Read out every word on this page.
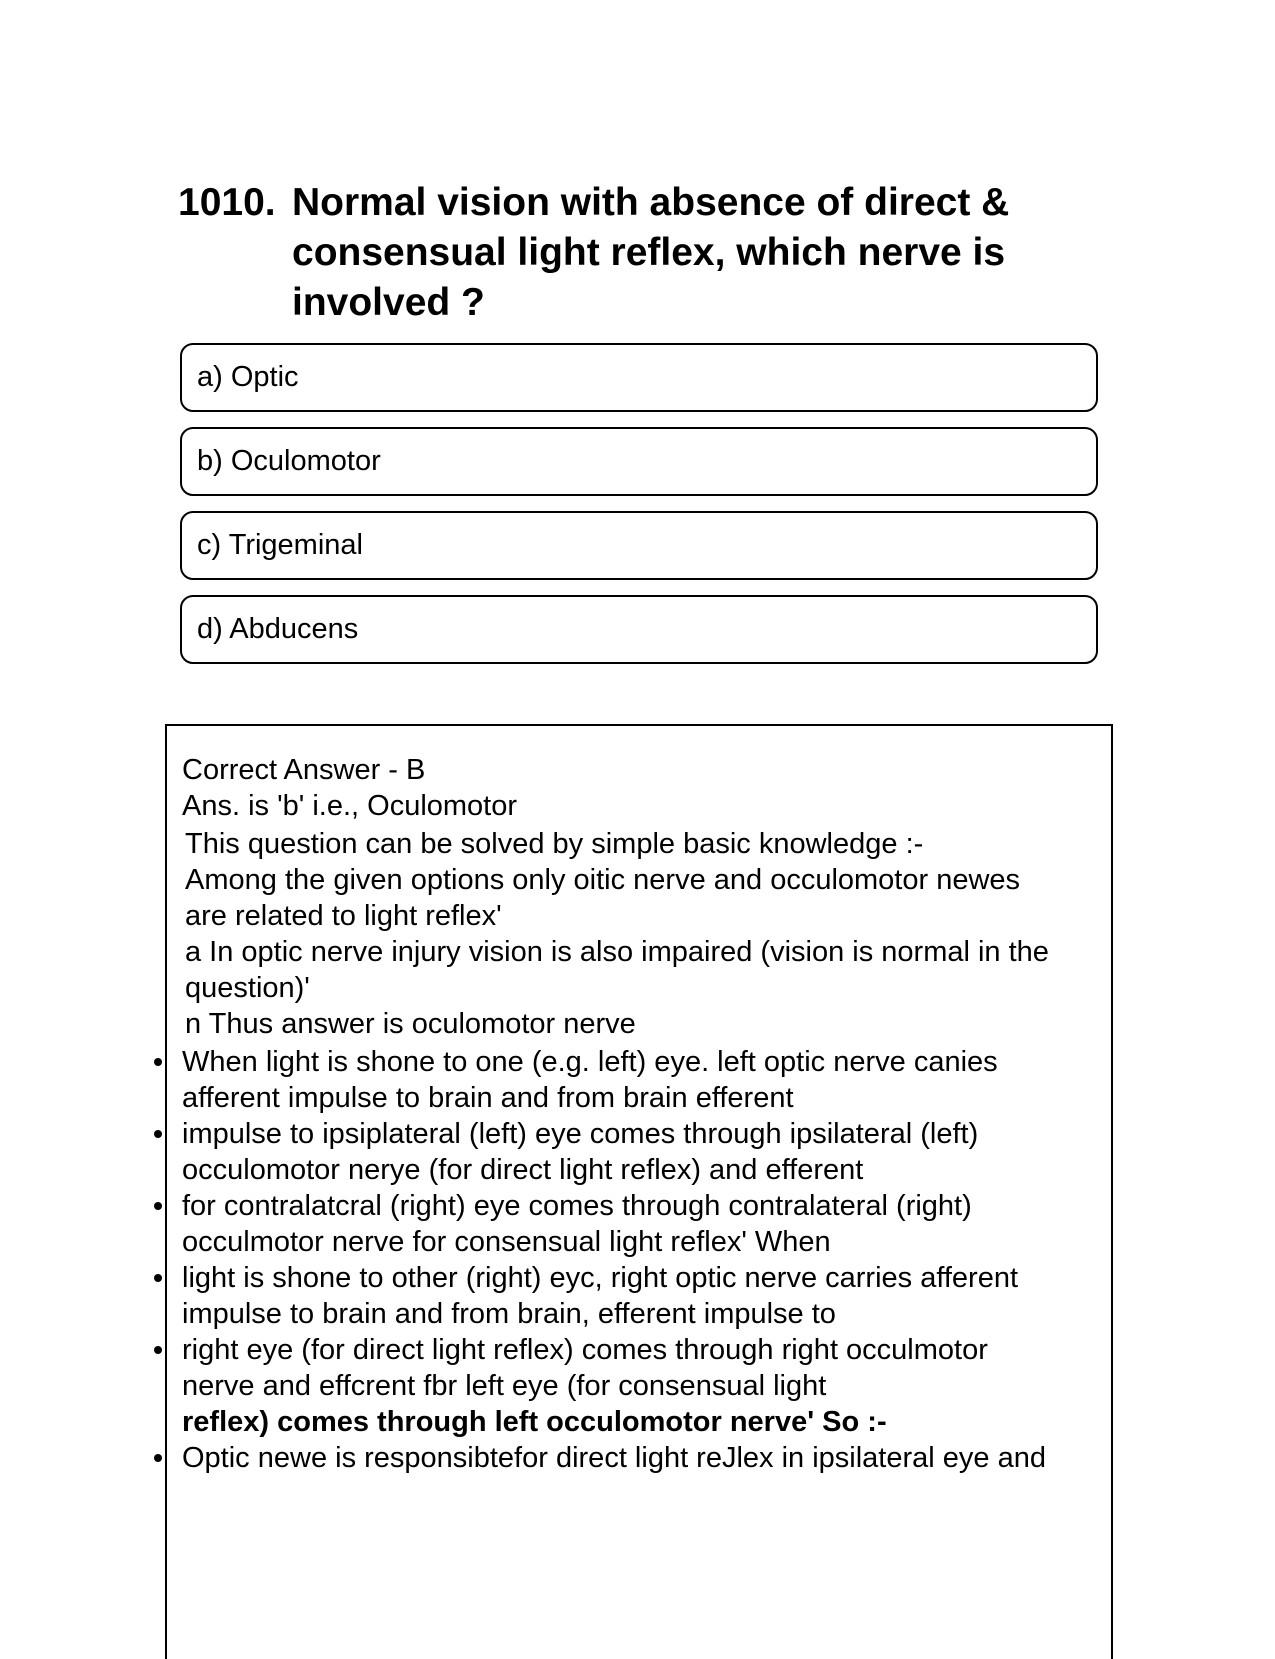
1010. Normal vision with absence of direct & consensual light reflex, which nerve is involved ?
a) Optic
b) Oculomotor
c) Trigeminal
d) Abducens
Correct Answer - B
Ans. is 'b' i.e., Oculomotor
This question can be solved by simple basic knowledge :-
Among the given options only oitic nerve and occulomotor newes
are related to light reflex'
a In optic nerve injury vision is also impaired (vision is normal in the
question)'
n Thus answer is oculomotor nerve
When light is shone to one (e.g. left) eye. left optic nerve canies
afferent impulse to brain and from brain efferent
impulse to ipsiplateral (left) eye comes through ipsilateral (left)
occulomotor nerye (for direct light reflex) and efferent
for contralatcral (right) eye comes through contralateral (right)
occulmotor nerve for consensual light reflex' When
light is shone to other (right) eyc, right optic nerve carries afferent
impulse to brain and from brain, efferent impulse to
right eye (for direct light reflex) comes through right occulmotor
nerve and effcrent fbr left eye (for consensual light
reflex) comes through left occulomotor nerve' So :-
Optic newe is responsibtefor direct light reJlex in ipsilateral eye and
